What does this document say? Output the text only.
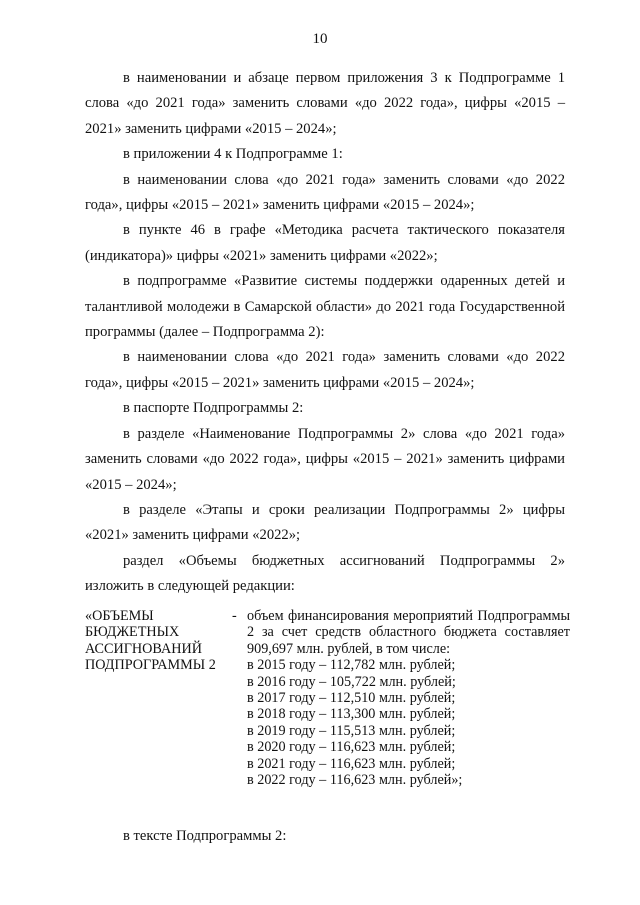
10

в наименовании и абзаце первом приложения 3 к Подпрограмме 1 слова «до 2021 года» заменить словами «до 2022 года», цифры «2015 – 2021» заменить цифрами «2015 – 2024»;

в приложении 4 к Подпрограмме 1:

в наименовании слова «до 2021 года» заменить словами «до 2022 года», цифры «2015 – 2021» заменить цифрами «2015 – 2024»;

в пункте 46 в графе «Методика расчета тактического показателя (индикатора)» цифры «2021» заменить цифрами «2022»;

в подпрограмме «Развитие системы поддержки одаренных детей и талантливой молодежи в Самарской области» до 2021 года Государственной программы (далее – Подпрограмма 2):

в наименовании слова «до 2021 года» заменить словами «до 2022 года», цифры «2015 – 2021» заменить цифрами «2015 – 2024»;

в паспорте Подпрограммы 2:

в разделе «Наименование Подпрограммы 2» слова «до 2021 года» заменить словами «до 2022 года», цифры «2015 – 2021» заменить цифрами «2015 – 2024»;

в разделе «Этапы и сроки реализации Подпрограммы 2» цифры «2021» заменить цифрами «2022»;

раздел «Объемы бюджетных ассигнований Подпрограммы 2» изложить в следующей редакции:

«ОБЪЕМЫ
БЮДЖЕТНЫХ
АССИГНОВАНИЙ
ПОДПРОГРАММЫ 2
- объем финансирования мероприятий Подпрограммы 2 за счет средств областного бюджета составляет 909,697 млн. рублей, в том числе:

в 2015 году – 112,782 млн. рублей;

в 2016 году – 105,722 млн. рублей;

в 2017 году – 112,510 млн. рублей;

в 2018 году – 113,300 млн. рублей;

в 2019 году – 115,513 млн. рублей;

в 2020 году – 116,623 млн. рублей;

в 2021 году – 116,623 млн. рублей;

в 2022 году – 116,623 млн. рублей»;

в тексте Подпрограммы 2:
